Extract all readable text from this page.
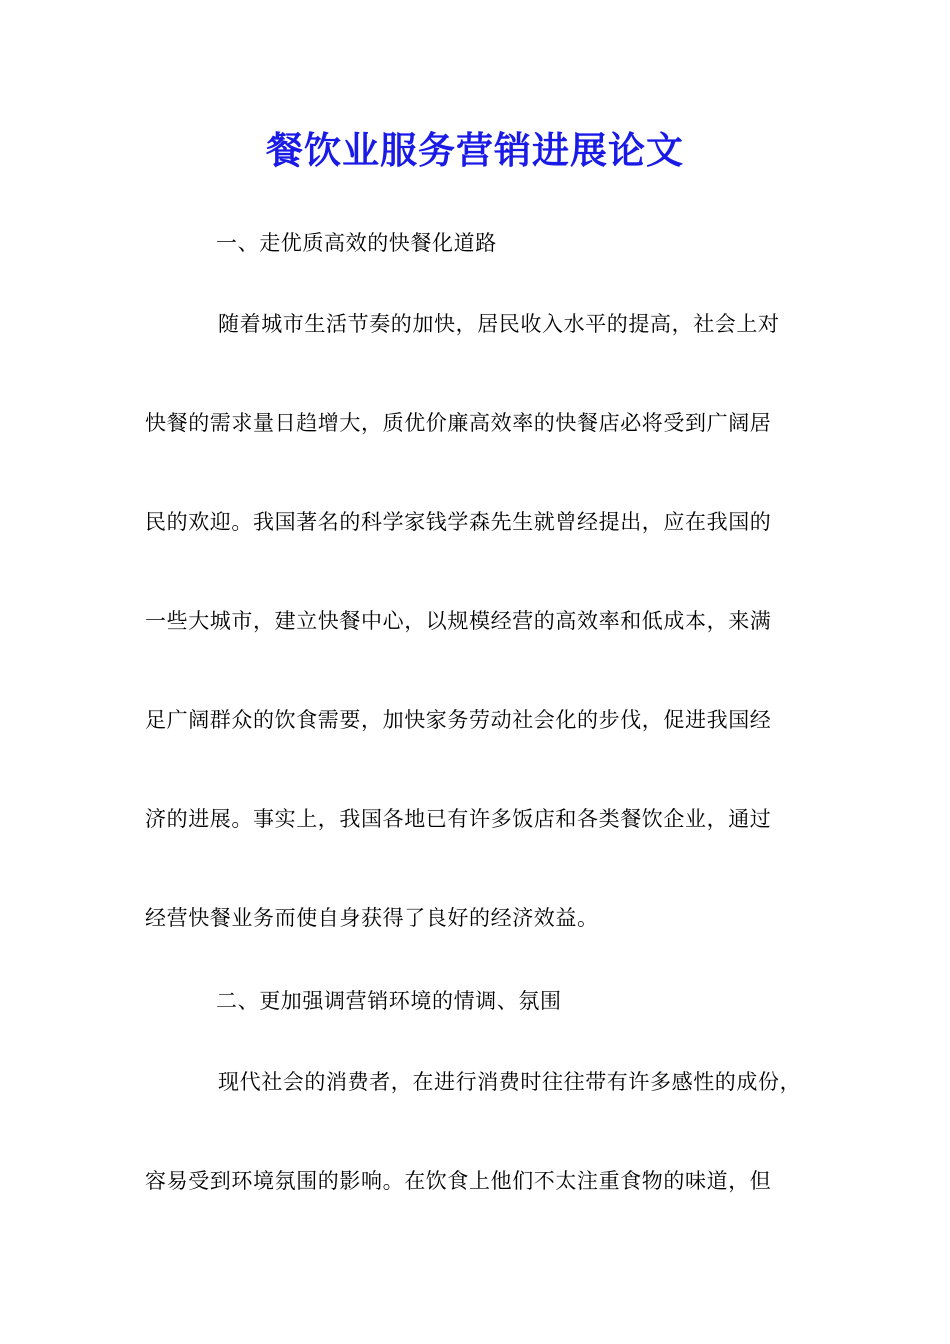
餐饮业服务营销进展论文
一、走优质高效的快餐化道路
随着城市生活节奏的加快，居民收入水平的提高，社会上对
快餐的需求量日趋增大，质优价廉高效率的快餐店必将受到广阔居
民的欢迎。我国著名的科学家钱学森先生就曾经提出，应在我国的
一些大城市，建立快餐中心，以规模经营的高效率和低成本，来满
足广阔群众的饮食需要，加快家务劳动社会化的步伐，促进我国经
济的进展。事实上，我国各地已有许多饭店和各类餐饮企业，通过
经营快餐业务而使自身获得了良好的经济效益。
二、更加强调营销环境的情调、氛围
现代社会的消费者，在进行消费时往往带有许多感性的成份，
容易受到环境氛围的影响。在饮食上他们不太注重食物的味道，但
